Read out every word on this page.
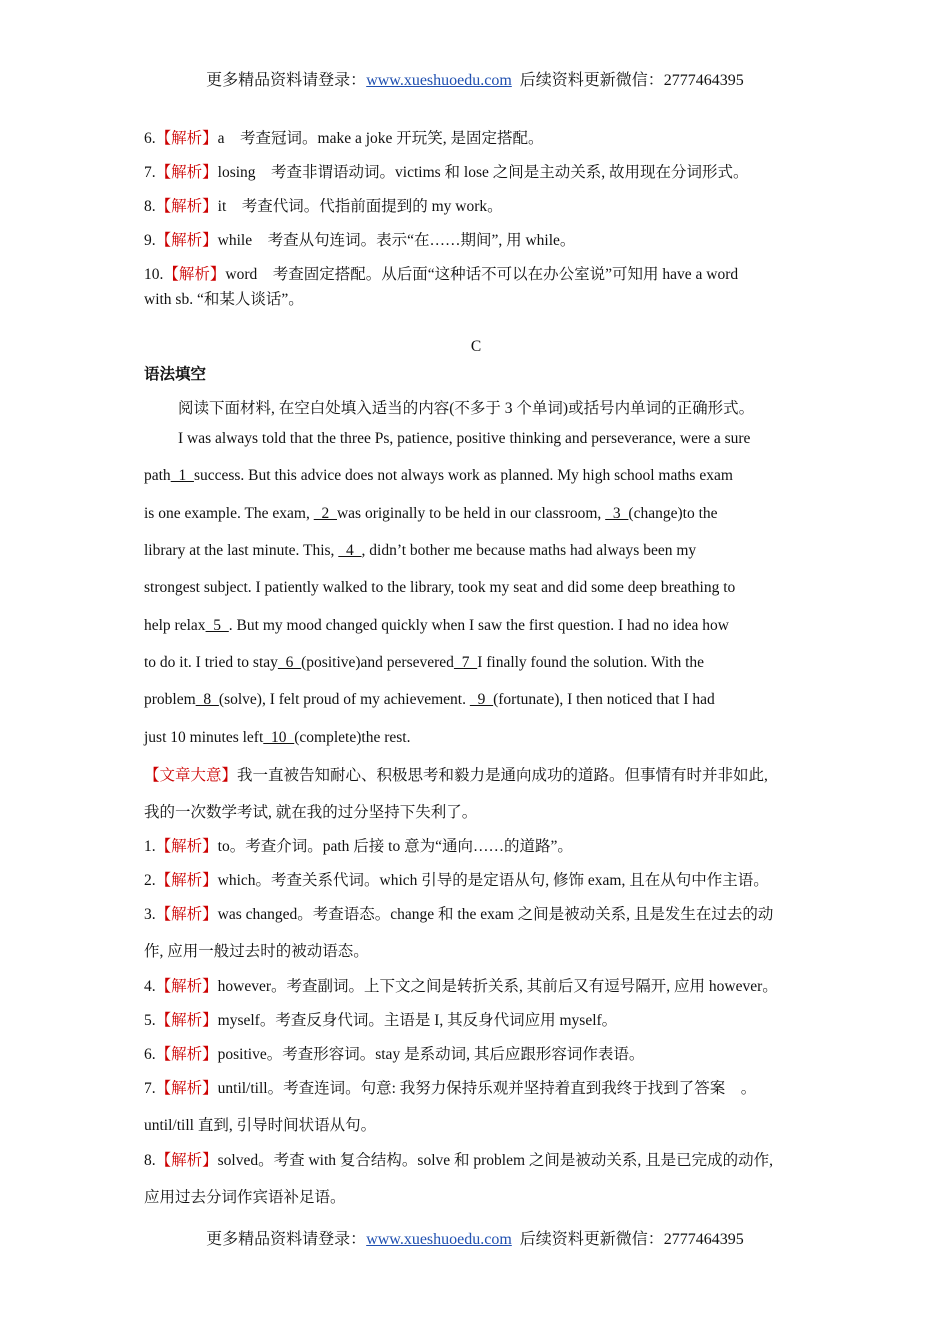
更多精品资料请登录：www.xueshuoedu.com 后续资料更新微信：2777464395
6.【解析】a　考查冠词。make a joke 开玩笑, 是固定搭配。
7.【解析】losing　考查非谓语动词。victims 和 lose 之间是主动关系, 故用现在分词形式。
8.【解析】it　考查代词。代指前面提到的 my work。
9.【解析】while　考查从句连词。表示“在……期间”, 用 while。
10.【解析】word　考查固定搭配。从后面“这种话不可以在办公室说”可知用 have a word
with sb. “和某人谈话”。
C
语法填空
阅读下面材料, 在空白处填入适当的内容(不多于 3 个单词)或括号内单词的正确形式。
I was always told that the three Ps, patience, positive thinking and perseverance, were a sure
path  1  success. But this advice does not always work as planned. My high school maths exam
is one example. The exam,   2  was originally to be held in our classroom,   3  (change)to the
library at the last minute. This,   4  , didn’t bother me because maths had always been my
strongest subject. I patiently walked to the library, took my seat and did some deep breathing to
help relax  5  . But my mood changed quickly when I saw the first question. I had no idea how
to do it. I tried to stay  6  (positive)and persevered  7  I finally found the solution. With the
problem  8  (solve), I felt proud of my achievement.   9  (fortunate), I then noticed that I had
just 10 minutes left  10  (complete)the rest.
【文章大意】我一直被告知耐心、积极思考和毅力是通向成功的道路。但事情有时并非如此,
我的一次数学考试, 就在我的过分坚持下失利了。
1.【解析】to。考查介词。path 后接 to 意为“通向……的道路”。
2.【解析】which。考查关系代词。which 引导的是定语从句, 修饰 exam, 且在从句中作主语。
3.【解析】was changed。考查语态。change 和 the exam 之间是被动关系, 且是发生在过去的动
作, 应用一般过去时的被动语态。
4.【解析】however。考查副词。上下文之间是转折关系, 其前后又有逗号隔开, 应用 however。
5.【解析】myself。考查反身代词。主语是 I, 其反身代词应用 myself。
6.【解析】positive。考查形容词。stay 是系动词, 其后应跟形容词作表语。
7.【解析】until/till。考查连词。句意: 我努力保持乐观并坚持着直到我终于找到了答案　。
until/till 直到, 引导时间状语从句。
8.【解析】solved。考查 with 复合结构。solve 和 problem 之间是被动关系, 且是已完成的动作,
应用过去分词作宾语补足语。
更多精品资料请登录：www.xueshuoedu.com 后续资料更新微信：2777464395
